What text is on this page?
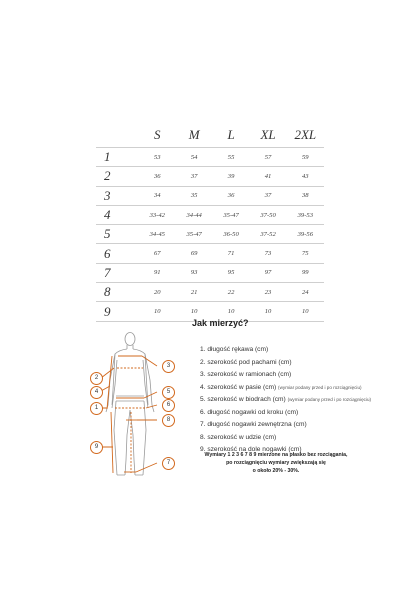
	S	M	L	XL	2XL
1	53	54	55	57	59
2	36	37	39	41	43
3	34	35	36	37	38
4	33-42	34-44	35-47	37-50	39-53
5	34-45	35-47	36-50	37-52	39-56
6	67	69	71	73	75
7	91	93	95	97	99
8	20	21	22	23	24
9	10	10	10	10	10
2
4
1
9
3
5
6
8
7
Jak mierzyć?
1. długość rękawa (cm)
2. szerokość pod pachami (cm)
3. szerokość w ramionach (cm)
4. szerokość w pasie (cm) (wymiar podany przed i po rozciągnięciu)
5. szerokość w biodrach (cm) (wymiar podany przed i po rozciągnięciu)
6. długość nogawki od kroku (cm)
7. długość nogawki zewnętrzna (cm)
8. szerokość w udzie (cm)
9. szerokość na dole nogawki (cm)
Wymiary 1 2 3 6 7 8 9 mierzone na płasko bez rozciągania,
po rozciągnięciu wymiary zwiększają się
o około 20% - 30%.
